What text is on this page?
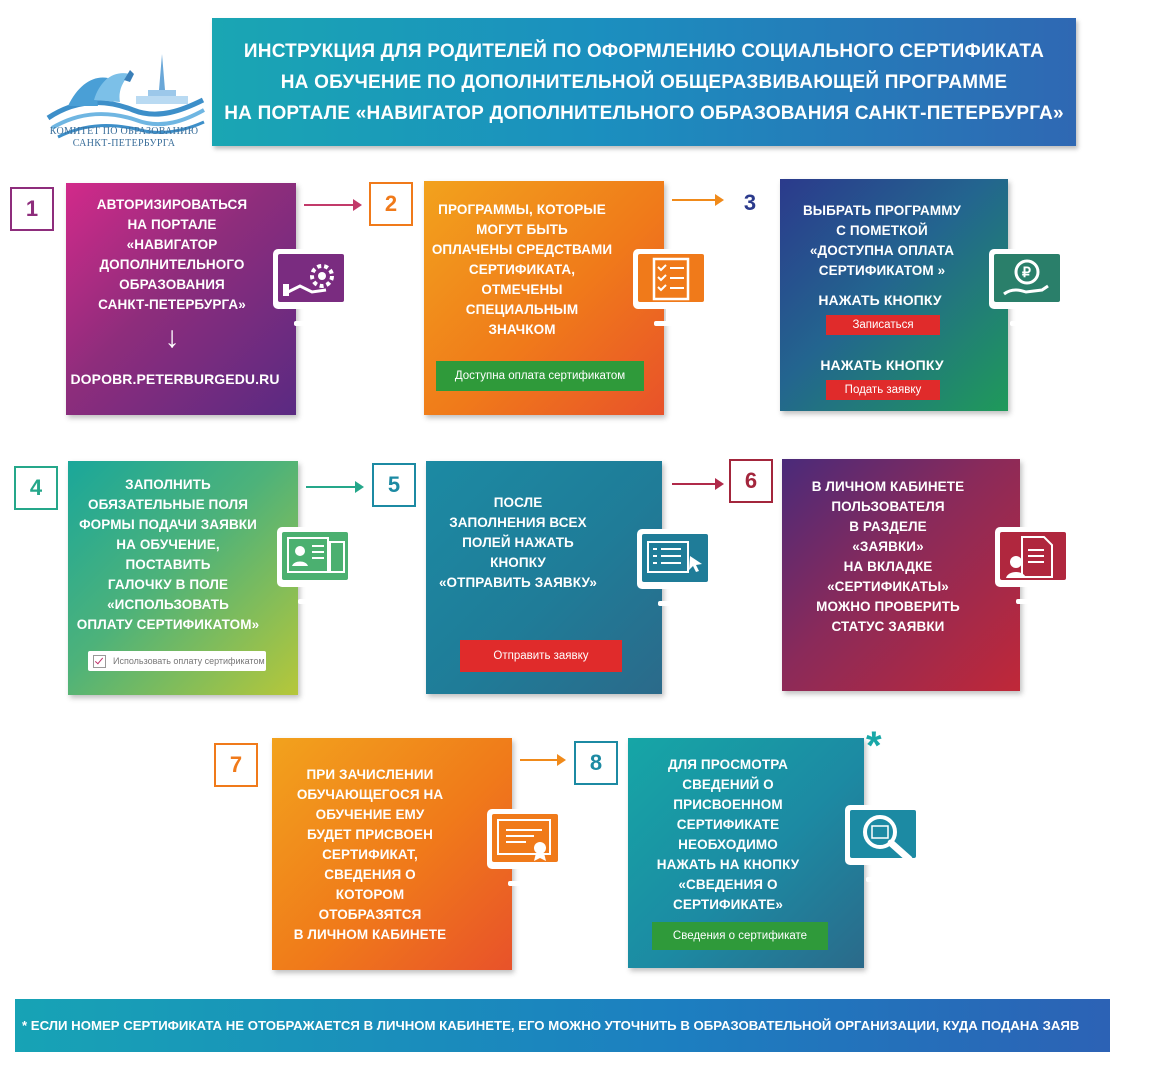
КОМИТЕТ ПО ОБРАЗОВАНИЮ
САНКТ-ПЕТЕРБУРГА
ИНСТРУКЦИЯ ДЛЯ РОДИТЕЛЕЙ ПО ОФОРМЛЕНИЮ СОЦИАЛЬНОГО СЕРТИФИКАТА
НА ОБУЧЕНИЕ ПО ДОПОЛНИТЕЛЬНОЙ ОБЩЕРАЗВИВАЮЩЕЙ ПРОГРАММЕ
НА ПОРТАЛЕ «НАВИГАТОР ДОПОЛНИТЕЛЬНОГО ОБРАЗОВАНИЯ САНКТ-ПЕТЕРБУРГА»
1	АВТОРИЗИРОВАТЬСЯ
НА ПОРТАЛЕ
«НАВИГАТОР
ДОПОЛНИТЕЛЬНОГО
ОБРАЗОВАНИЯ
САНКТ-ПЕТЕРБУРГА»
↓
DOPOBR.PETERBURGEDU.RU
2	ПРОГРАММЫ, КОТОРЫЕ
МОГУТ БЫТЬ
ОПЛАЧЕНЫ СРЕДСТВАМИ
СЕРТИФИКАТА,
ОТМЕЧЕНЫ
СПЕЦИАЛЬНЫМ
ЗНАЧКОМ
Доступна оплата сертификатом
3	ВЫБРАТЬ ПРОГРАММУ
С ПОМЕТКОЙ
«ДОСТУПНА ОПЛАТА
СЕРТИФИКАТОМ »
НАЖАТЬ КНОПКУ
Записаться
НАЖАТЬ КНОПКУ
Подать заявку
4	ЗАПОЛНИТЬ
ОБЯЗАТЕЛЬНЫЕ ПОЛЯ
ФОРМЫ ПОДАЧИ ЗАЯВКИ
НА ОБУЧЕНИЕ,
ПОСТАВИТЬ
ГАЛОЧКУ В ПОЛЕ
«ИСПОЛЬЗОВАТЬ
ОПЛАТУ СЕРТИФИКАТОМ»
Использовать оплату сертификатом
5
ПОСЛЕ
ЗАПОЛНЕНИЯ ВСЕХ
ПОЛЕЙ НАЖАТЬ
КНОПКУ
«ОТПРАВИТЬ ЗАЯВКУ»
Отправить заявку
6	В ЛИЧНОМ КАБИНЕТЕ
ПОЛЬЗОВАТЕЛЯ
В РАЗДЕЛЕ
«ЗАЯВКИ»
НА ВКЛАДКЕ
«СЕРТИФИКАТЫ»
МОЖНО ПРОВЕРИТЬ
СТАТУС ЗАЯВКИ
7	ПРИ ЗАЧИСЛЕНИИ
ОБУЧАЮЩЕГОСЯ НА
ОБУЧЕНИЕ ЕМУ
БУДЕТ ПРИСВОЕН
СЕРТИФИКАТ,
СВЕДЕНИЯ О
КОТОРОМ
ОТОБРАЗЯТСЯ
В ЛИЧНОМ КАБИНЕТЕ
8	ДЛЯ ПРОСМОТРА
СВЕДЕНИЙ О
ПРИСВОЕННОМ
СЕРТИФИКАТЕ
НЕОБХОДИМО
НАЖАТЬ НА КНОПКУ
«СВЕДЕНИЯ О
СЕРТИФИКАТЕ»
Сведения о сертификате
*
₽
* ЕСЛИ НОМЕР СЕРТИФИКАТА НЕ ОТОБРАЖАЕТСЯ В ЛИЧНОМ КАБИНЕТЕ, ЕГО МОЖНО УТОЧНИТЬ В ОБРАЗОВАТЕЛЬНОЙ ОРГАНИЗАЦИИ, КУДА ПОДАНА ЗАЯВ
